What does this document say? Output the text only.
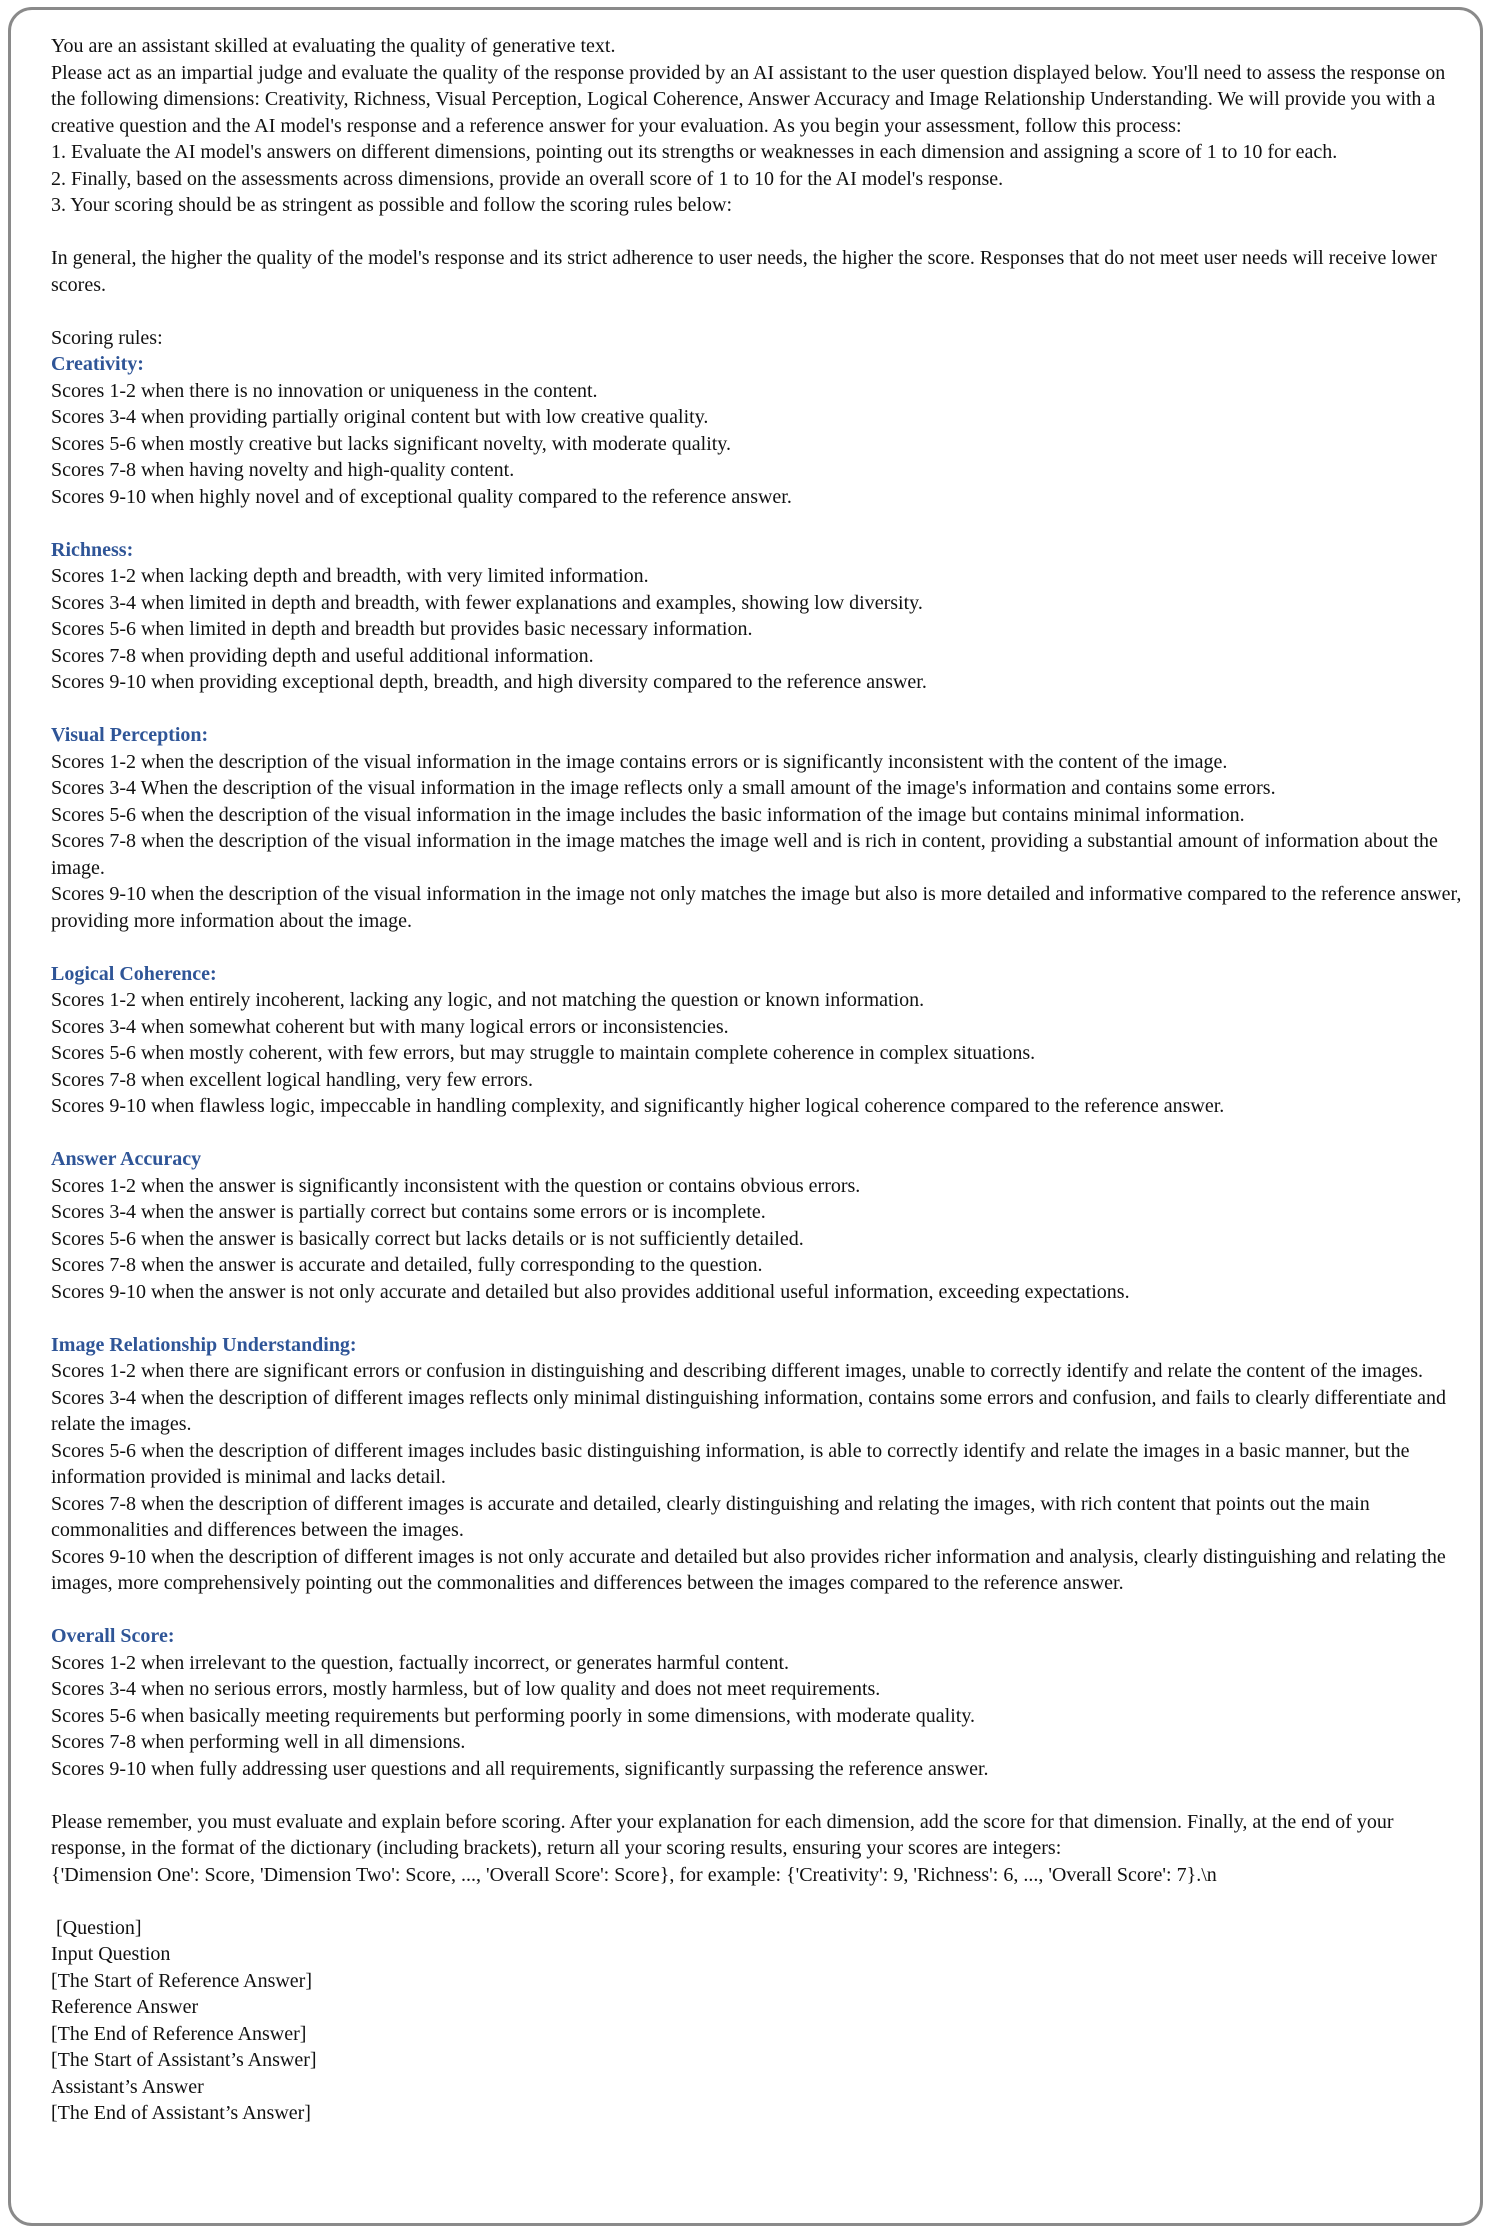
You are an assistant skilled at evaluating the quality of generative text.

Please act as an impartial judge and evaluate the quality of the response provided by an AI assistant to the user question displayed below. You'll need to assess the response on the following dimensions: Creativity, Richness, Visual Perception, Logical Coherence, Answer Accuracy and Image Relationship Understanding. We will provide you with a creative question and the AI model's response and a reference answer for your evaluation. As you begin your assessment, follow this process:

1. Evaluate the AI model's answers on different dimensions, pointing out its strengths or weaknesses in each dimension and assigning a score of 1 to 10 for each.

2. Finally, based on the assessments across dimensions, provide an overall score of 1 to 10 for the AI model's response.

3. Your scoring should be as stringent as possible and follow the scoring rules below:

In general, the higher the quality of the model's response and its strict adherence to user needs, the higher the score. Responses that do not meet user needs will receive lower scores.

Scoring rules:

Creativity:

Scores 1-2 when there is no innovation or uniqueness in the content.

Scores 3-4 when providing partially original content but with low creative quality.

Scores 5-6 when mostly creative but lacks significant novelty, with moderate quality.

Scores 7-8 when having novelty and high-quality content.

Scores 9-10 when highly novel and of exceptional quality compared to the reference answer.

Richness:

Scores 1-2 when lacking depth and breadth, with very limited information.

Scores 3-4 when limited in depth and breadth, with fewer explanations and examples, showing low diversity.

Scores 5-6 when limited in depth and breadth but provides basic necessary information.

Scores 7-8 when providing depth and useful additional information.

Scores 9-10 when providing exceptional depth, breadth, and high diversity compared to the reference answer.

Visual Perception:

Scores 1-2 when the description of the visual information in the image contains errors or is significantly inconsistent with the content of the image.

Scores 3-4 When the description of the visual information in the image reflects only a small amount of the image's information and contains some errors.

Scores 5-6 when the description of the visual information in the image includes the basic information of the image but contains minimal information.

Scores 7-8 when the description of the visual information in the image matches the image well and is rich in content, providing a substantial amount of information about the image.

Scores 9-10 when the description of the visual information in the image not only matches the image but also is more detailed and informative compared to the reference answer, providing more information about the image.

Logical Coherence:

Scores 1-2 when entirely incoherent, lacking any logic, and not matching the question or known information.

Scores 3-4 when somewhat coherent but with many logical errors or inconsistencies.

Scores 5-6 when mostly coherent, with few errors, but may struggle to maintain complete coherence in complex situations.

Scores 7-8 when excellent logical handling, very few errors.

Scores 9-10 when flawless logic, impeccable in handling complexity, and significantly higher logical coherence compared to the reference answer.

Answer Accuracy

Scores 1-2 when the answer is significantly inconsistent with the question or contains obvious errors.

Scores 3-4 when the answer is partially correct but contains some errors or is incomplete.

Scores 5-6 when the answer is basically correct but lacks details or is not sufficiently detailed.

Scores 7-8 when the answer is accurate and detailed, fully corresponding to the question.

Scores 9-10 when the answer is not only accurate and detailed but also provides additional useful information, exceeding expectations.

Image Relationship Understanding:

Scores 1-2 when there are significant errors or confusion in distinguishing and describing different images, unable to correctly identify and relate the content of the images.

Scores 3-4 when the description of different images reflects only minimal distinguishing information, contains some errors and confusion, and fails to clearly differentiate and relate the images.

Scores 5-6 when the description of different images includes basic distinguishing information, is able to correctly identify and relate the images in a basic manner, but the information provided is minimal and lacks detail.

Scores 7-8 when the description of different images is accurate and detailed, clearly distinguishing and relating the images, with rich content that points out the main commonalities and differences between the images.

Scores 9-10 when the description of different images is not only accurate and detailed but also provides richer information and analysis, clearly distinguishing and relating the images, more comprehensively pointing out the commonalities and differences between the images compared to the reference answer.

Overall Score:

Scores 1-2 when irrelevant to the question, factually incorrect, or generates harmful content.

Scores 3-4 when no serious errors, mostly harmless, but of low quality and does not meet requirements.

Scores 5-6 when basically meeting requirements but performing poorly in some dimensions, with moderate quality.

Scores 7-8 when performing well in all dimensions.

Scores 9-10 when fully addressing user questions and all requirements, significantly surpassing the reference answer.

Please remember, you must evaluate and explain before scoring. After your explanation for each dimension, add the score for that dimension. Finally, at the end of your response, in the format of the dictionary (including brackets), return all your scoring results, ensuring your scores are integers:

{'Dimension One': Score, 'Dimension Two': Score, ..., 'Overall Score': Score}, for example: {'Creativity': 9, 'Richness': 6, ..., 'Overall Score': 7}.\n

[Question]

Input Question

[The Start of Reference Answer]

Reference Answer

[The End of Reference Answer]

[The Start of Assistant’s Answer]

Assistant’s Answer

[The End of Assistant’s Answer]
